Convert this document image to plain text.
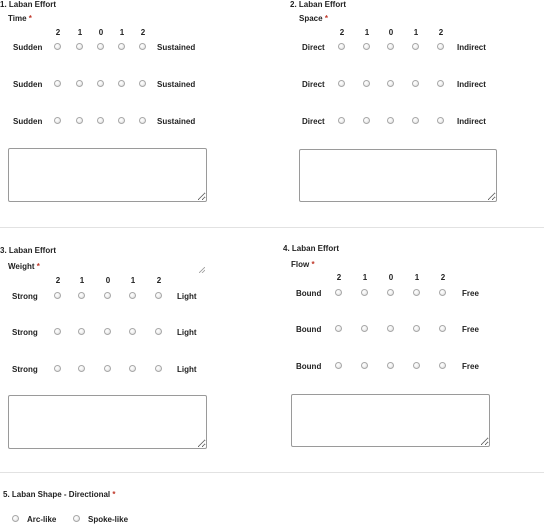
1. Laban Effort
Time *
2	1	0	1	2
Sudden	Sustained
Sudden	Sustained
Sudden	Sustained
2. Laban Effort
Space *
2	1	0	1	2
Direct	Indirect
Direct	Indirect
Direct	Indirect
3. Laban Effort
Weight *
2	1	0	1	2
Strong	Light
Strong	Light
Strong	Light
4. Laban Effort
Flow *
2	1	0	1	2
Bound	Free
Bound	Free
Bound	Free
5. Laban Shape - Directional *
Arc-like	Spoke-like
